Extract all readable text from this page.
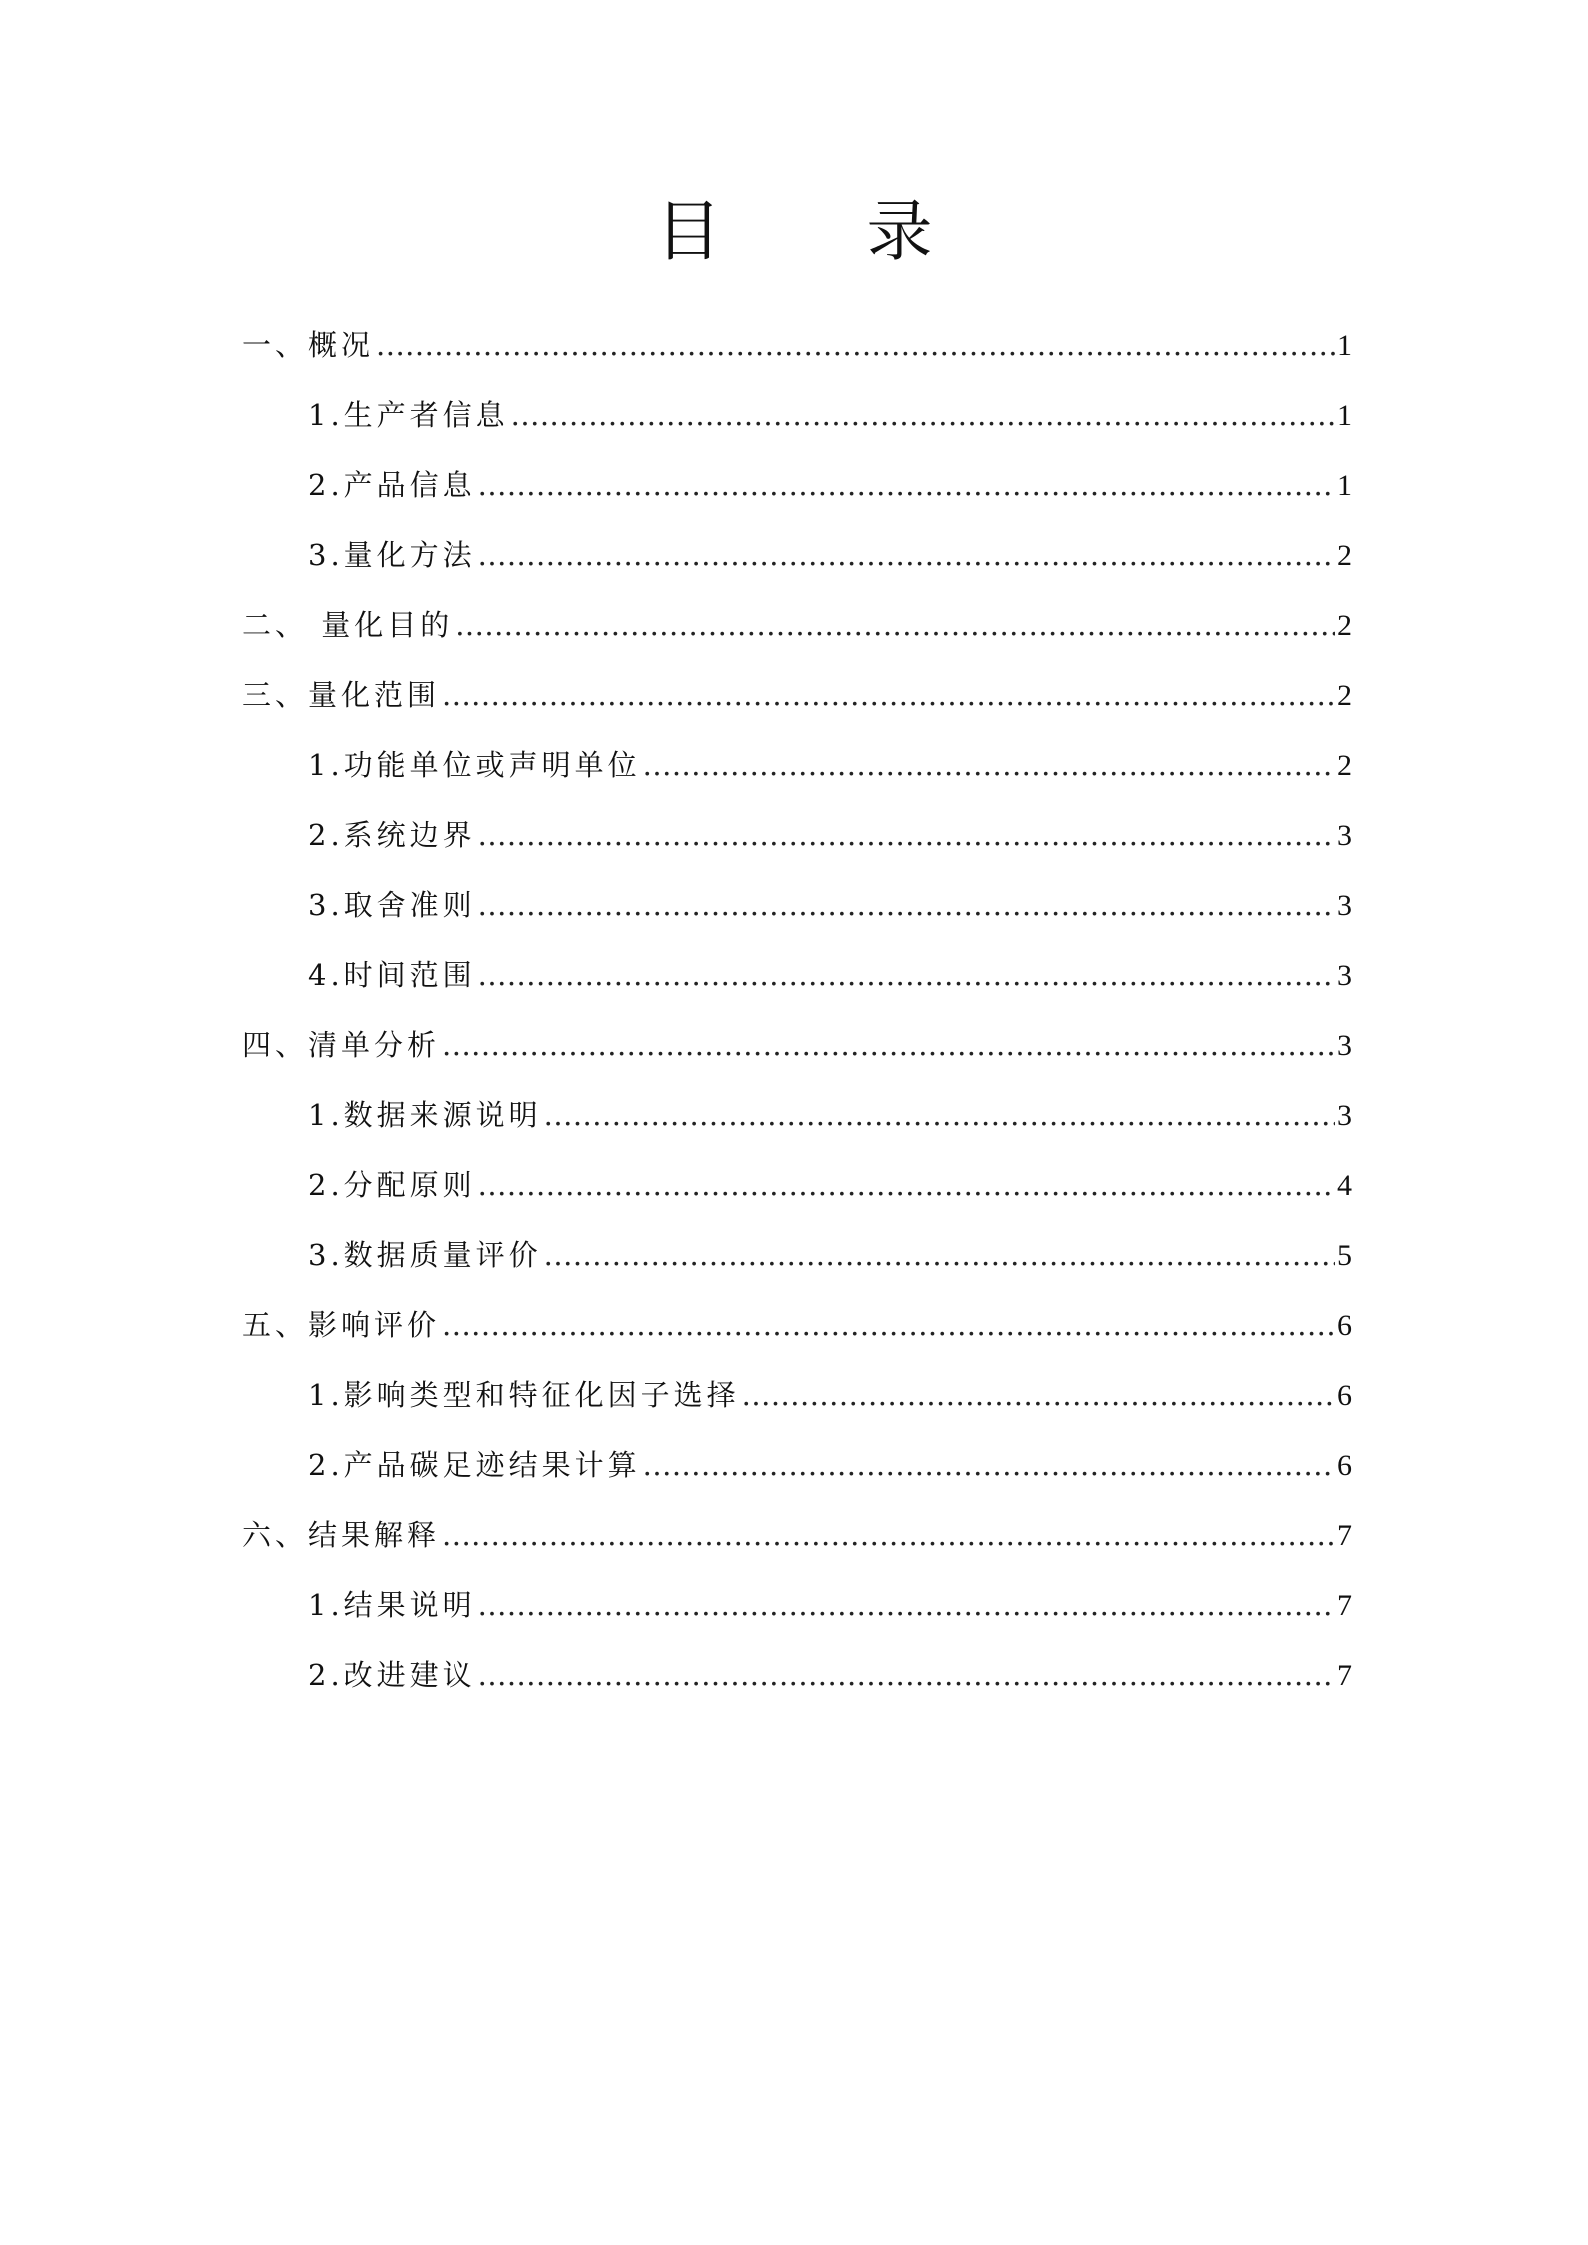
目 录
一、概况 .....	1
1.生产者信息 .....	1
2.产品信息 .....	1
3.量化方法 .....	2
二、 量化目的 .....	2
三、量化范围 .....	2
1.功能单位或声明单位 .....	2
2.系统边界 .....	3
3.取舍准则 .....	3
4.时间范围 .....	3
四、清单分析 .....	3
1.数据来源说明 .....	3
2.分配原则 .....	4
3.数据质量评价 .....	5
五、影响评价 .....	6
1.影响类型和特征化因子选择 .....	6
2.产品碳足迹结果计算 .....	6
六、结果解释 .....	7
1.结果说明 .....	7
2.改进建议 .....	7
